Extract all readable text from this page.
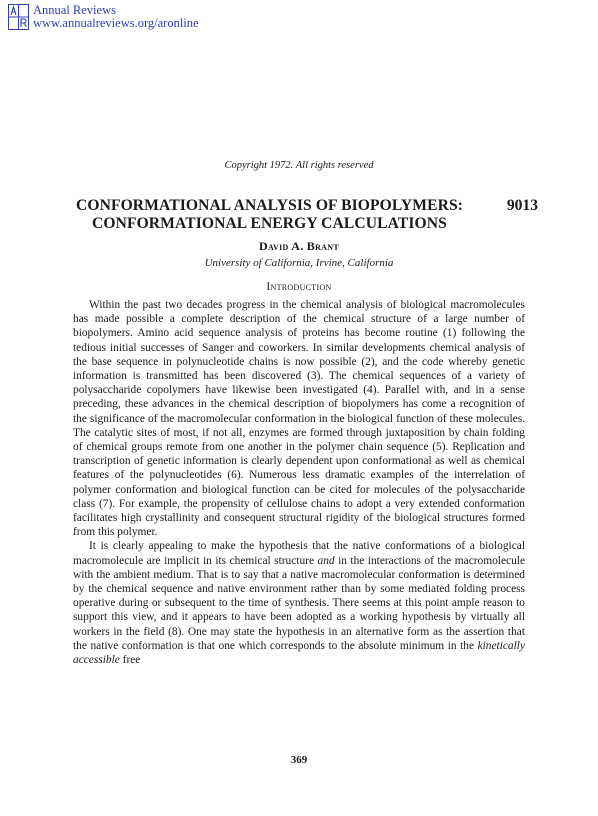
Annual Reviews
www.annualreviews.org/aronline
Copyright 1972. All rights reserved
CONFORMATIONAL ANALYSIS OF BIOPOLYMERS:
CONFORMATIONAL ENERGY CALCULATIONS
9013
David A. Brant
University of California, Irvine, California
Introduction

Within the past two decades progress in the chemical analysis of biological macromolecules has made possible a complete description of the chemical structure of a large number of biopolymers. Amino acid sequence analysis of proteins has become routine (1) following the tedious initial successes of Sanger and coworkers. In similar developments chemical analysis of the base sequence in polynucleotide chains is now possible (2), and the code whereby genetic information is transmitted has been discovered (3). The chemical sequences of a variety of polysaccharide copolymers have likewise been investigated (4). Parallel with, and in a sense preceding, these advances in the chemical description of biopolymers has come a recognition of the significance of the macromolecular conformation in the biological function of these molecules. The catalytic sites of most, if not all, enzymes are formed through juxtaposition by chain folding of chemical groups remote from one another in the polymer chain sequence (5). Replication and transcription of genetic information is clearly dependent upon conformational as well as chemical features of the polynucleotides (6). Numerous less dramatic examples of the interrelation of polymer conformation and biological function can be cited for molecules of the polysaccharide class (7). For example, the propensity of cellulose chains to adopt a very extended conformation facilitates high crystallinity and consequent structural rigidity of the biological structures formed from this polymer.

It is clearly appealing to make the hypothesis that the native conformations of a biological macromolecule are implicit in its chemical structure and in the interactions of the macromolecule with the ambient medium. That is to say that a native macromolecular conformation is determined by the chemical sequence and native environment rather than by some mediated folding process operative during or subsequent to the time of synthesis. There seems at this point ample reason to support this view, and it appears to have been adopted as a working hypothesis by virtually all workers in the field (8). One may state the hypothesis in an alternative form as the assertion that the native conformation is that one which corresponds to the absolute minimum in the kinetically accessible free

369
